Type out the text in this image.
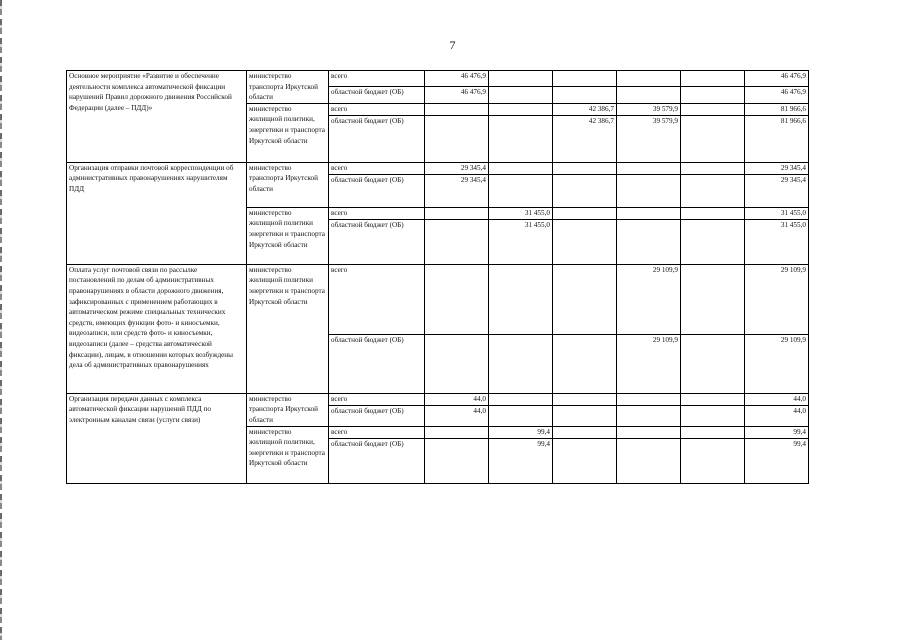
7
Основное мероприятие «Развитие и обеспечение деятельности комплекса автоматической фиксации нарушений Правил дорожного движения Российской Федерации (далее – ПДД)»	министерство транспорта Иркутской области	всего	46 476,9					46 476,9
		областной бюджет (ОБ)	46 476,9					46 476,9
	министерство жилищной политики, энергетики и транспорта Иркутской области	всего			42 386,7	39 579,9		81 966,6
		областной бюджет (ОБ)			42 386,7	39 579,9		81 966,6
Организация отправки почтовой корреспонденции об административных правонарушениях нарушителям ПДД	министерство транспорта Иркутской области	всего	29 345,4					29 345,4
		областной бюджет (ОБ)	29 345,4					29 345,4
	министерство жилищной политики энергетики и транспорта Иркутской области	всего		31 455,0				31 455,0
		областной бюджет (ОБ)		31 455,0				31 455,0
Оплата услуг почтовой связи по рассылке постановлений по делам об административных правонарушениях в области дорожного движения, зафиксированных с применением работающих в автоматическом режиме специальных технических средств, имеющих функции фото- и киносъемки, видеозаписи, или средств фото- и киносъемки, видеозаписи (далее – средства автоматической фиксации), лицам, в отношении которых возбуждены дела об административных правонарушениях	министерство жилищной политики энергетики и транспорта Иркутской области	всего				29 109,9		29 109,9
		областной бюджет (ОБ)				29 109,9		29 109,9
Организация передачи данных с комплекса автоматической фиксации нарушений ПДД по электронным каналам связи (услуги связи)	министерство транспорта Иркутской области	всего	44,0					44,0
		областной бюджет (ОБ)	44,0					44,0
	министерство жилищной политики, энергетики и транспорта Иркутской области	всего		99,4				99,4
		областной бюджет (ОБ)		99,4				99,4
